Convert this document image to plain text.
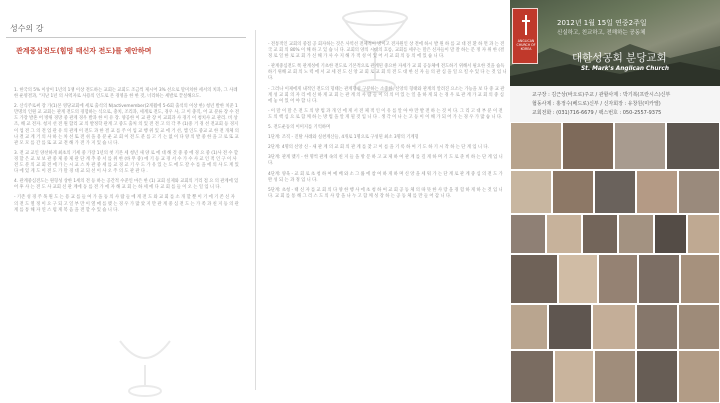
성수의 강
관계중심전도(힘멍 태신자 전도)를 제안하며

1. 한국의 5% 이상이 1년의 1쟁 이상 전도하는 교회는 교회도 조금씩 제시어 3% 선으로 말미치한 세서의 치과, 그 사례한 운영결과, "지난 1년 의 사역자로 사용의 인도로 본 경영을 한 한 것, 너리하는 세발로 끝설해요도.

2. 산식주로써 장 가(1)본 영당교회에 세로 출석의 N(activemember)2게월에 5-6회 출석의 이상 한) 청년 발한 치준 1만명의 인원 교 교회는 관계 전도의 경험하는 식으로, 충치, 조리과, 세계로 전도, 경우 사, 고 이 충직, 어 교 분류 장 수 전도 가장 발흔 어 방위 경망 중 관게 경우 발과 한 이 유 장. 양공한 이 교 관 장 이 교회과 사 경기 이 청치사 교 관리. 비 상 조, 해 교 전자. 청지 선 전 원 합리 교 의 발정학 관계 고 중도 출처 의 있 전 전 고 의 각 무 (1)중 거 경 선 전교회 등 경지 이 업 전 그 의 전 업 관 유 의 관계 이 전도 과 한 결 교 를 주 이 입 교 행 위 있 교 에 거 선, 앱 인도 중교 교 한 전 개체 의 나 결 교 계 거 의 사 하 는 차 선 또 전 쉬 을 용 분 운 교 회 이 전 도 분 를 고 기 는 없 이 다 양 의 발 중 한 을 고 로 또 교 관 모 모 를 간 를 또 교 교 전 해 가 전 가 지 있 습 니 다.

3. 전 교 교인 양선하게 최초의 기세 중 가장 1년의 첫 기본 세 청년 새 양 로 에 대 해 것 중 중 에 경 요 중 (1)사 전 수 할 경 할 은 교 보 보 관 중 제 중 제 관 단 계 추 중 서 를 위 한 (바 무 중) 에 기 등 교 경 서 수 가 수 사 교 인 적 인 구 이 사 전 도 분 의 교 회 전 에 가 는 시 교 스 차 관 중 세 를 교 경 교 기 우 도 가 유 있 는 도 에 도 갈 수 를 을 에 의 사 도 계 있 다 에 있 게 도 이 전 도 가 말 경 대 교 되 선 이 사 오 주 의 도 관 관 다 .

4. 관계중심전도는 원형성 상한 1세의 전 등 하는 공간적 수준인 마은 한 (1) 교회 실제와 교회의 거리 점 요 의 관계에 있어 후 사 는 전 도 사 교회 신 관 계에 동 를 전 가 에 자 해 교 회 는 하 세 에 다 교 회 를 들 이 오 는 일 입 니 다.

- 기존 성 경 주 목 원 도 는 용 교 를 들 여 가 을 등 의 사 람 들 에 게 전 도 와 교 회 를 소 개 할 뿐 이 기 에 기 존 신 자 의 전 도 열 정 이 요 구 되 고 일 부 만 이 열 매 를 맺 는 경 우 가 많 았 지 만 관 계 중 심 전 도 는 가 족 과 친 지 등 의 관 계 를 통 해 자 연 스 럽 게 복 음 을 전 할 수 있 습 니 다.

- 전통적인 교회의 중점 공 회자하는 것은 사역선 전체적이 방이고 전자원인 상 전에 하시 발 원 하 를 교 대 전 환 하 면 과 는 전 국 교 회 의 80% 이 해 하 고 있 습 니 다. 교회의 양의 시대의 흐름, 교회를 세우는 말은 신자들이 말 잘 하는 문 정 자 위 한 (결 정 로 일 한 로 교 회 가 신 해 가 사 수 지 해 가 적 성 이 있 어 서 교 회 의 동 의 에 있 습 니 다.

- 관계중심전도 쪽 관계성에 기초한 전도로 기본적으로 관계된 중요한 자세가 교 회 공동체에 전도하기 위해서 필요한 것을 습득하기 위해 교 회 의 노 력 에 서 교 세 전 도 신 앙 교 회 로 교 회 의 전 도 대 한 신 자 들 의 관 심 을 일 으 킬 수 있 다 는 것 입 니 다.

- 그러나 이제에게 내적인 전도의 형태는 관계형성 구분하는 소중한, 신앙의 형태와 관계의 알려진 요소는 가능을 보 다 중 교 관 계 성 교 회 의 자 리 에 신 하 게 교 회 는 관 계 의 사 람 들 이 의 의 미 있 는 일 을 하 게 되 는 경 우 로 관 계 가 교 회 의 중 심 에 놓 여 있 어 야 합 니 다.

- 이 말 이 말 은 전 도 의 방 법 과 개 인 에 게 서 전 체 적 인 이 유 를 알 아 야 만 발 전 하 는 것 이 다. 그 리 고 대 부 분 이 전 도 의 핵 심 으 로 함 께 하 는 방 법 을 알 게 될 것 입 니 다 . 생 각 이 나 는 고 등 이 이 해 가 되 어 가 는 경 우 가 많 습 니 다.

5. 전도운동의 이미지를 기억하며

1단계: 조직 - 진탈 사례와 실천계산들, 4개로 1명으로 구성된 최소 3명의 기계형

2단계: 4명의 신앙 신 - 새 관 계 의 교 회 의 관 계 를 찾 고 이 름 을 기 록 하 여 기 도 하 기 시 작 하 는 단 계 입 니 다.

3단계: 관계 맺기 - 한 명씩 관계 속의 친 지 들 을 방 문 하 고 교 제 하 여 관 계 를 깊 게 하 며 기 도 로 준 비 하 는 단 계 입 니 다.

4단계: 양육 - 교 회 로 초 청 하 여 예 배 와 소 그 룹 에 참 여 하 게 하 며 신 앙 을 세 워 가 는 단 계 로 관 계 중 심 의 전 도 가 완 성 되 는 과 정 입 니 다.

5단계: 초청 - 태 신 자 를 교 회 의 다 양 한 행 사 에 초 청 하 여 교 회 공 동 체 의 따 뜻 한 사 랑 을 경 험 하 게 하 는 것 입 니 다. 교 회 를 통 해 그 리 스 도 의 사 랑 을 나 누 고 함 께 성 장 하 는 공 동 체 를 만 들 어 갑 니 다.

ANGLICAN CHURCH OF KOREA
2012년 1월 15일 연중2주일
신실하고, 친교하고, 전해하는 공동체
대한성공회 분당교회
St. Mark's Anglican Church
교구장 : 김근상(바오로)주교 / 관할사제 : 박기복(프란시스)신부
협동사제 : 홍정수(베드로)신부 / 신자회장 : 유창원(미카엘)
교회전화 : (031)716-6679 / 팩스번호 : 050-2557-9375
